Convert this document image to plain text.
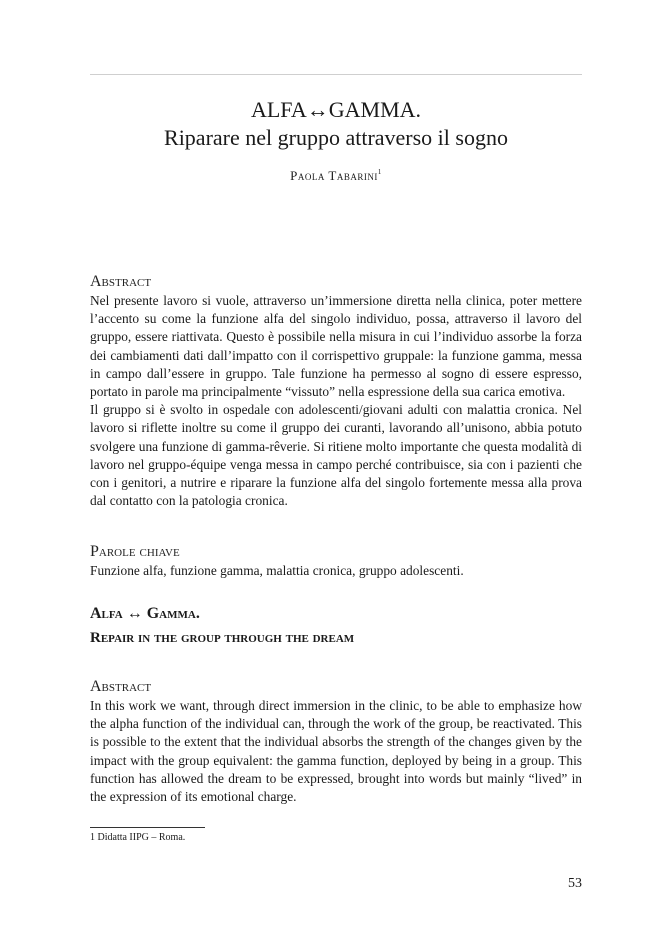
ALFA↔GAMMA.
Riparare nel gruppo attraverso il sogno
Paola Tabarini$^1$
Abstract

Nel presente lavoro si vuole, attraverso un’immersione diretta nella clinica, poter mettere l’accento su come la funzione alfa del singolo individuo, possa, attraverso il lavoro del gruppo, essere riattivata. Questo è possibile nella misura in cui l’individuo assorbe la forza dei cambiamenti dati dall’impatto con il corrispettivo gruppale: la funzione gamma, messa in campo dall’essere in gruppo. Tale funzione ha permesso al sogno di essere espresso, portato in parole ma principalmente “vissuto” nella espressione della sua carica emotiva.

Il gruppo si è svolto in ospedale con adolescenti/giovani adulti con malattia cronica. Nel lavoro si riflette inoltre su come il gruppo dei curanti, lavorando all’unisono, abbia potuto svolgere una funzione di gamma-rêverie. Si ritiene molto importante che questa modalità di lavoro nel gruppo-équipe venga messa in campo perché contribuisce, sia con i pazienti che con i genitori, a nutrire e riparare la funzione alfa del singolo fortemente messa alla prova dal contatto con la patologia cronica.

Parole chiave

Funzione alfa, funzione gamma, malattia cronica, gruppo adolescenti.

Alfa ↔ Gamma.
Repair in the group through the dream
Abstract

In this work we want, through direct immersion in the clinic, to be able to emphasize how the alpha function of the individual can, through the work of the group, be reactivated. This is possible to the extent that the individual absorbs the strength of the changes given by the impact with the group equivalent: the gamma function, deployed by being in a group. This function has allowed the dream to be expressed, brought into words but mainly “lived” in the expression of its emotional charge.

1 Didatta IIPG – Roma.
53
